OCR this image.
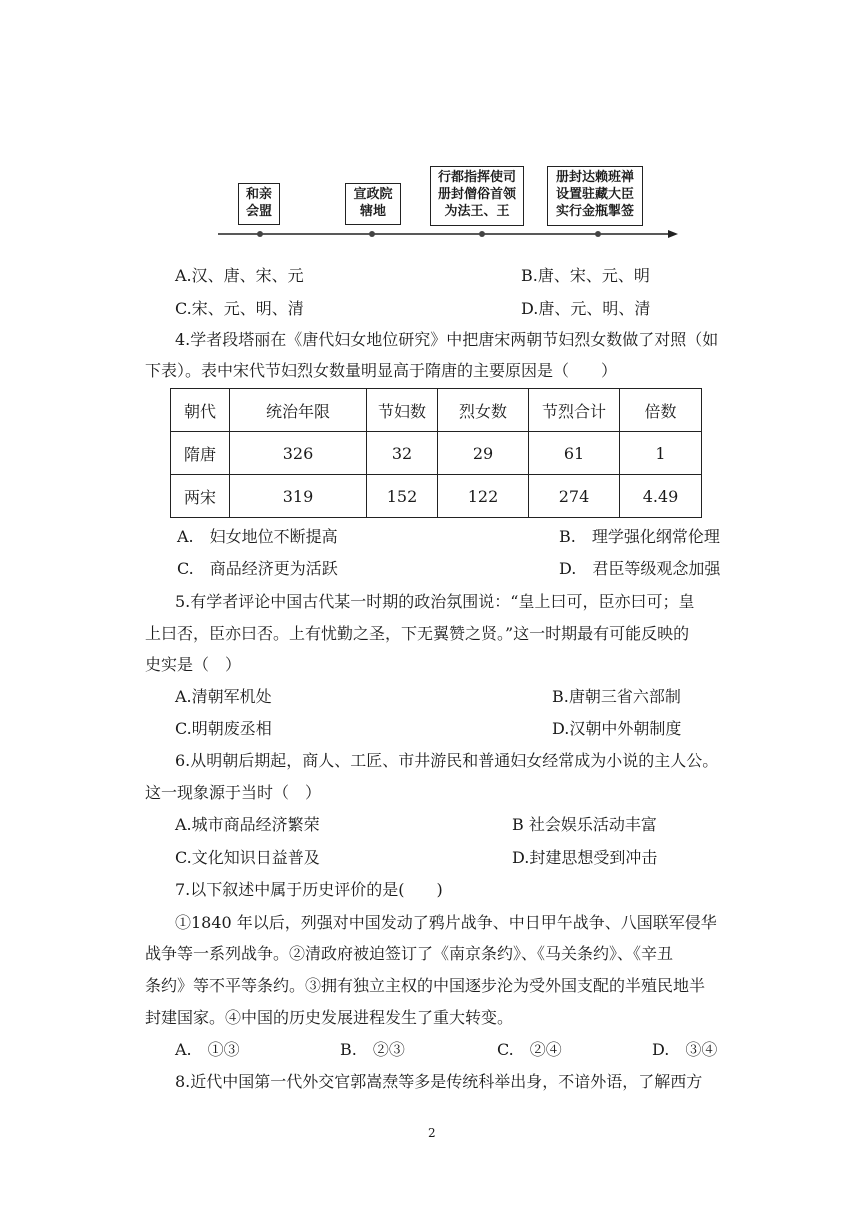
和亲
会盟
宣政院
辖地
行都指挥使司
册封僧俗首领
为法王、王
册封达赖班禅
设置驻藏大臣
实行金瓶掣签
A.汉、唐、宋、元	B.唐、宋、元、明
C.宋、元、明、清	D.唐、元、明、清
4.学者段塔丽在《唐代妇女地位研究》中把唐宋两朝节妇烈女数做了对照（如
下表）。表中宋代节妇烈女数量明显高于隋唐的主要原因是（　　）
朝代	统治年限	节妇数	烈女数	节烈合计	倍数
隋唐	326	32	29	61	1
两宋	319	152	122	274	4.49
A.　妇女地位不断提高	B.　理学强化纲常伦理
C.　商品经济更为活跃	D.　君臣等级观念加强
5.有学者评论中国古代某一时期的政治氛围说：“皇上曰可，臣亦曰可；皇
上曰否，臣亦曰否。上有忧勤之圣，下无翼赞之贤。”这一时期最有可能反映的
史实是（　）
A.清朝军机处	B.唐朝三省六部制
C.明朝废丞相	D.汉朝中外朝制度
6.从明朝后期起，商人、工匠、市井游民和普通妇女经常成为小说的主人公。
这一现象源于当时（　）
A.城市商品经济繁荣	B 社会娱乐活动丰富
C.文化知识日益普及	D.封建思想受到冲击
7.以下叙述中属于历史评价的是(　　)
①1840 年以后，列强对中国发动了鸦片战争、中日甲午战争、八国联军侵华
战争等一系列战争。②清政府被迫签订了《南京条约》、《马关条约》、《辛丑
条约》等不平等条约。③拥有独立主权的中国逐步沦为受外国支配的半殖民地半
封建国家。④中国的历史发展进程发生了重大转变。
A.　①③	B.　②③	C.　②④	D.　③④
8.近代中国第一代外交官郭嵩焘等多是传统科举出身，不谙外语，了解西方
2
